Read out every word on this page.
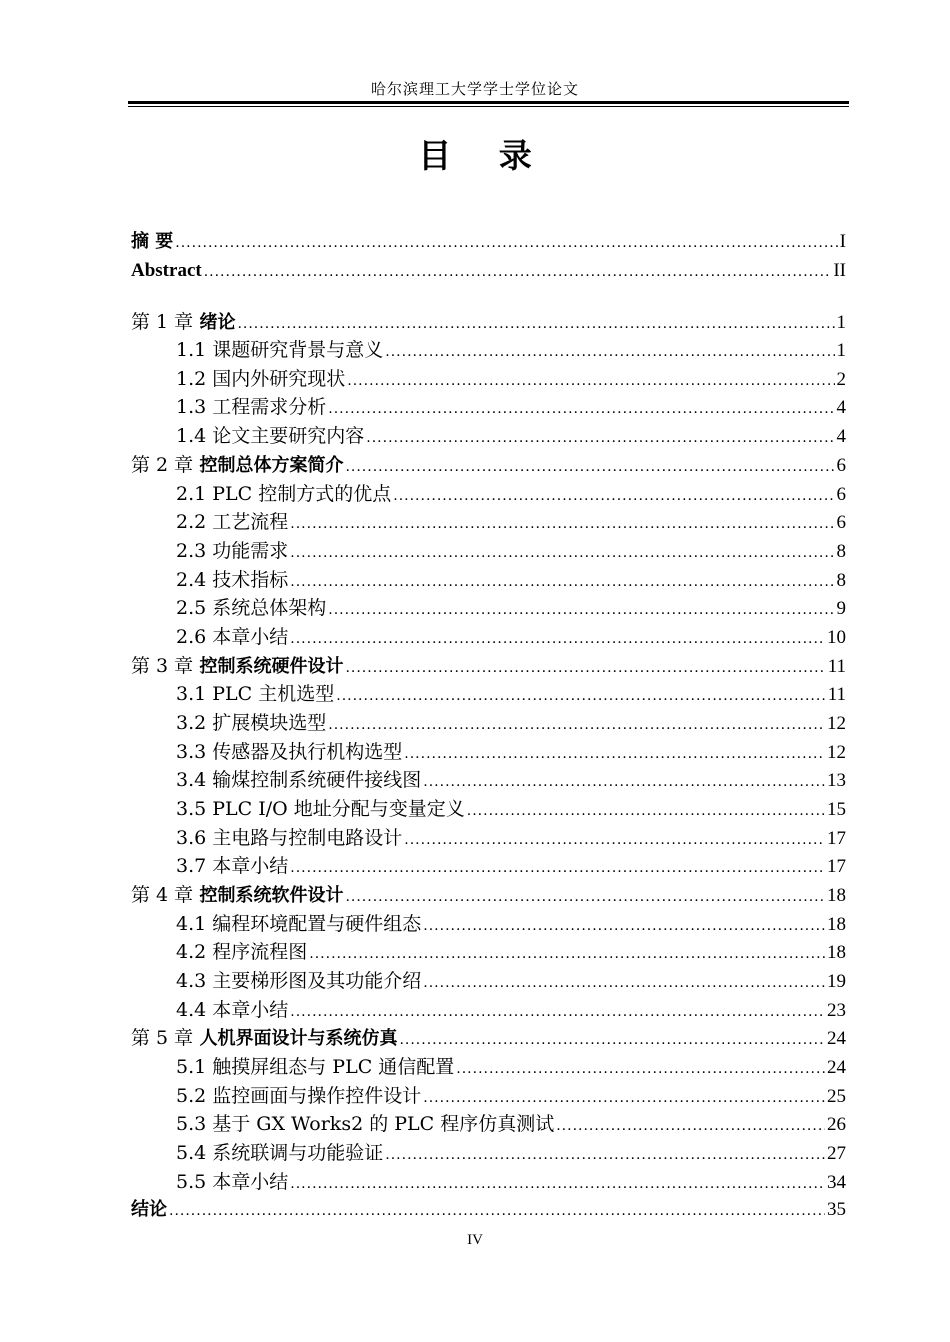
哈尔滨理工大学学士学位论文
目 录
摘 要 .....	I
Abstract .....	II
第 1 章 绪论 .....	1
1.1 课题研究背景与意义 .....	1
1.2 国内外研究现状 .....	2
1.3 工程需求分析 .....	4
1.4 论文主要研究内容 .....	4
第 2 章 控制总体方案简介 .....	6
2.1 PLC 控制方式的优点 .....	6
2.2 工艺流程 .....	6
2.3 功能需求 .....	8
2.4 技术指标 .....	8
2.5 系统总体架构 .....	9
2.6 本章小结 .....	10
第 3 章 控制系统硬件设计 .....	11
3.1 PLC 主机选型 .....	11
3.2 扩展模块选型 .....	12
3.3 传感器及执行机构选型 .....	12
3.4 输煤控制系统硬件接线图 .....	13
3.5 PLC I/O 地址分配与变量定义 .....	15
3.6 主电路与控制电路设计 .....	17
3.7 本章小结 .....	17
第 4 章 控制系统软件设计 .....	18
4.1 编程环境配置与硬件组态 .....	18
4.2 程序流程图 .....	18
4.3 主要梯形图及其功能介绍 .....	19
4.4 本章小结 .....	23
第 5 章 人机界面设计与系统仿真 .....	24
5.1 触摸屏组态与 PLC 通信配置 .....	24
5.2 监控画面与操作控件设计 .....	25
5.3 基于 GX Works2 的 PLC 程序仿真测试 .....	26
5.4 系统联调与功能验证 .....	27
5.5 本章小结 .....	34
结论 .....	35
IV
